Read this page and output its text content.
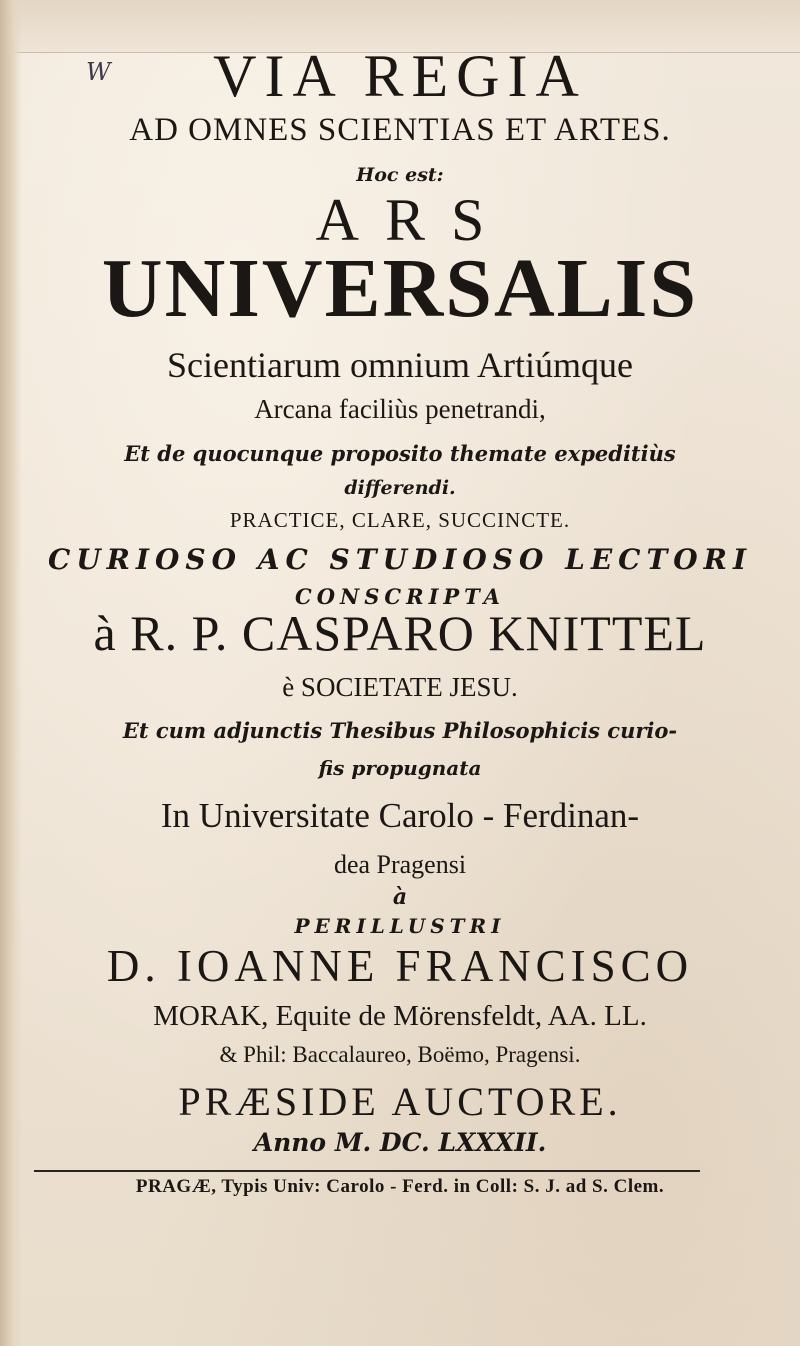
W	VIA REGIA
AD OMNES SCIENTIAS ET ARTES.
Hoc est:
ARS
UNIVERSALIS
Scientiarum omnium Artiúmque
Arcana faciliùs penetrandi,
Et de quocunque proposito themate expeditiùs
differendi.
PRACTICE, CLARE, SUCCINCTE.
CURIOSO AC STUDIOSO LECTORI
CONSCRIPTA
à R. P. CASPARO KNITTEL
è SOCIETATE JESU.
Et cum adjunctis Thesibus Philosophicis curio-
fis propugnata
In Universitate Carolo - Ferdinan-
dea Pragensi
à
PERILLUSTRI
D. IOANNE FRANCISCO
MORAK, Equite de Mörensfeldt, AA. LL.
& Phil: Baccalaureo, Boëmo, Pragensi.
PRÆSIDE AUCTORE.
Anno M. DC. LXXXII.
PRAGÆ, Typis Univ: Carolo - Ferd. in Coll: S. J. ad S. Clem.
